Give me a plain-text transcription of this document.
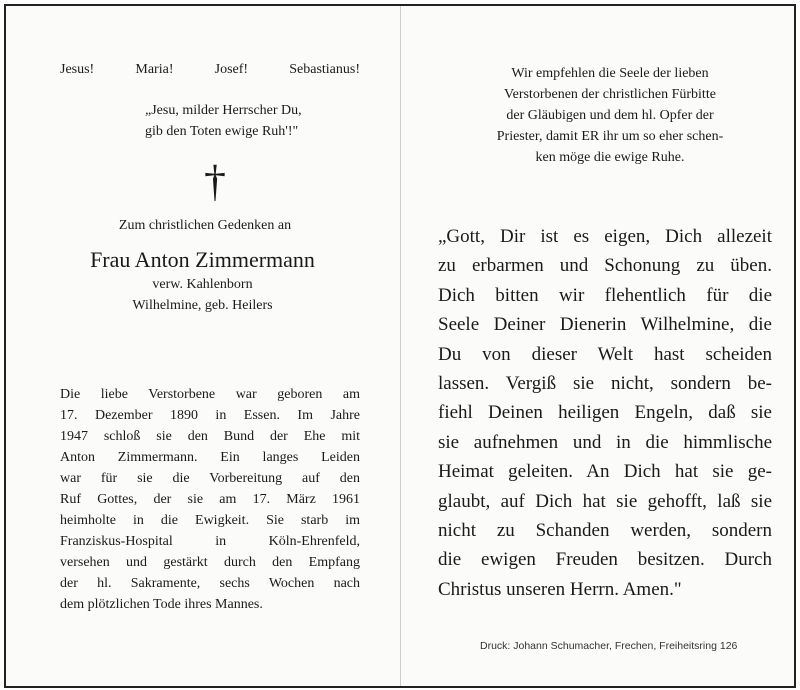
Jesus!	Maria!	Josef!	Sebastianus!
„Jesu, milder Herrscher Du,
gib den Toten ewige Ruh'!"
†
Zum christlichen Gedenken an
Frau Anton Zimmermann
verw. Kahlenborn
Wilhelmine, geb. Heilers
Die liebe Verstorbene war geboren am
17. Dezember 1890 in Essen. Im Jahre
1947 schloß sie den Bund der Ehe mit
Anton Zimmermann. Ein langes Leiden
war für sie die Vorbereitung auf den
Ruf Gottes, der sie am 17. März 1961
heimholte in die Ewigkeit. Sie starb im
Franziskus-Hospital in Köln-Ehrenfeld,
versehen und gestärkt durch den Empfang
der hl. Sakramente, sechs Wochen nach
dem plötzlichen Tode ihres Mannes.
Wir empfehlen die Seele der lieben
Verstorbenen der christlichen Fürbitte
der Gläubigen und dem hl. Opfer der
Priester, damit ER ihr um so eher schen-
ken möge die ewige Ruhe.
„Gott, Dir ist es eigen, Dich allezeit
zu erbarmen und Schonung zu üben.
Dich bitten wir flehentlich für die
Seele Deiner Dienerin Wilhelmine, die
Du von dieser Welt hast scheiden
lassen. Vergiß sie nicht, sondern be-
fiehl Deinen heiligen Engeln, daß sie
sie aufnehmen und in die himmlische
Heimat geleiten. An Dich hat sie ge-
glaubt, auf Dich hat sie gehofft, laß sie
nicht zu Schanden werden, sondern
die ewigen Freuden besitzen. Durch
Christus unseren Herrn. Amen."
Druck: Johann Schumacher, Frechen, Freiheitsring 126
